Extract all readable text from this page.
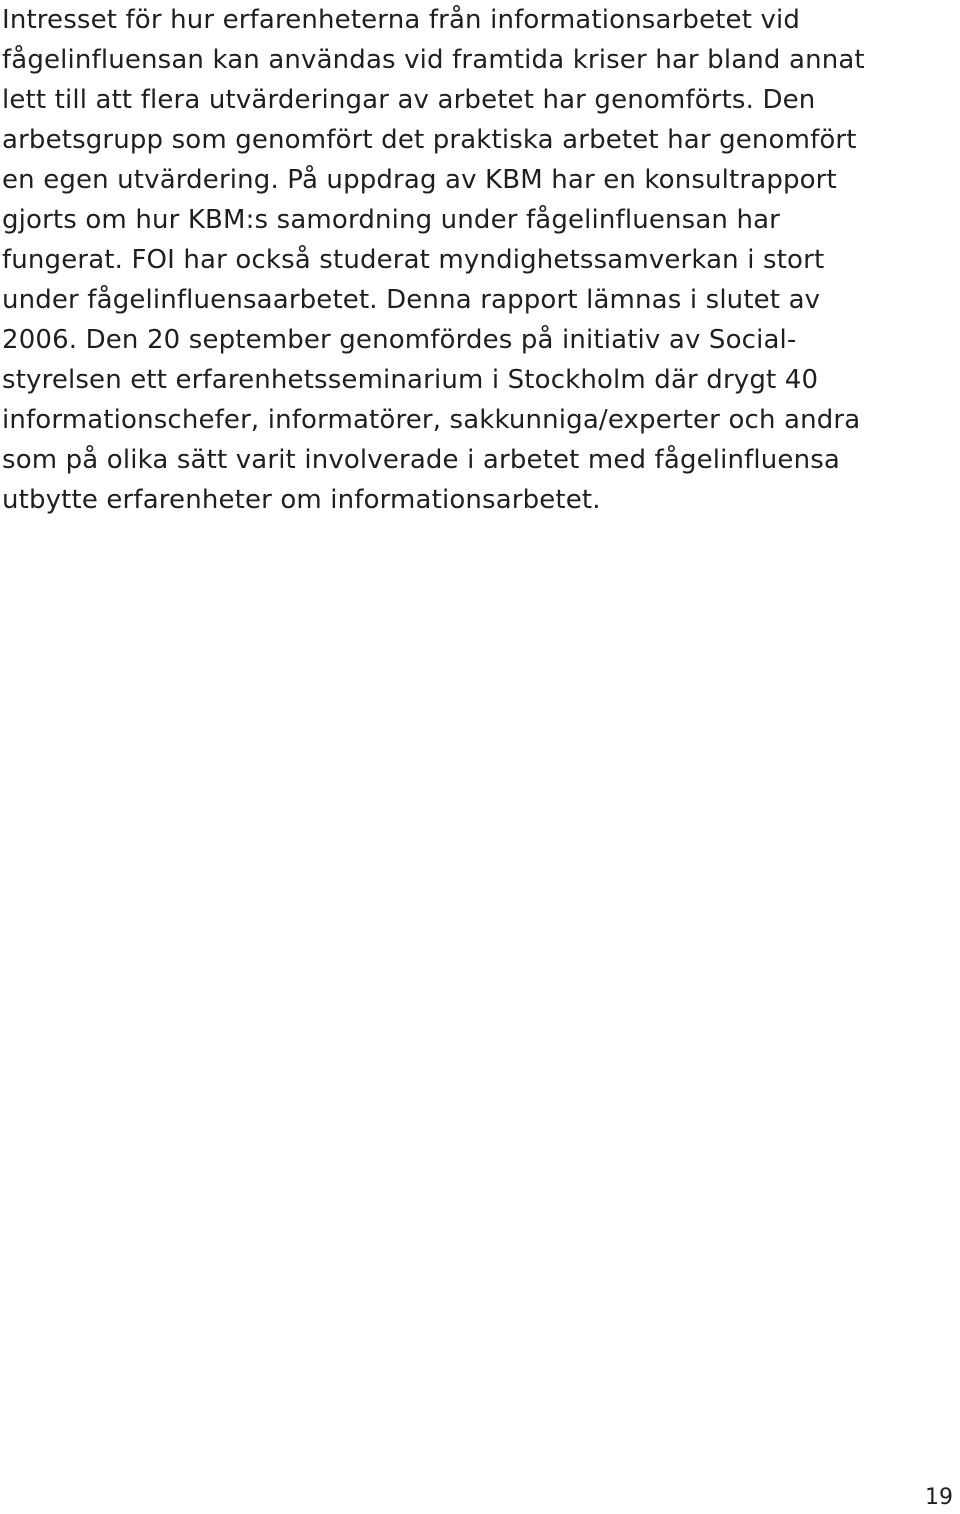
Intresset för hur erfarenheterna från informationsarbetet vid
fågelinfluensan kan användas vid framtida kriser har bland annat
lett till att flera utvärderingar av arbetet har genomförts. Den
arbetsgrupp som genomfört det praktiska arbetet har genomfört
en egen utvärdering. På uppdrag av KBM har en konsultrapport
gjorts om hur KBM:s samordning under fågelinfluensan har
fungerat. FOI har också studerat myndighetssamverkan i stort
under fågelinfluensaarbetet. Denna rapport lämnas i slutet av
2006. Den 20 september genomfördes på initiativ av Social-
styrelsen ett erfarenhetsseminarium i Stockholm där drygt 40
informationschefer, informatörer, sakkunniga/experter och andra
som på olika sätt varit involverade i arbetet med fågelinfluensa
utbytte erfarenheter om informationsarbetet.

19
